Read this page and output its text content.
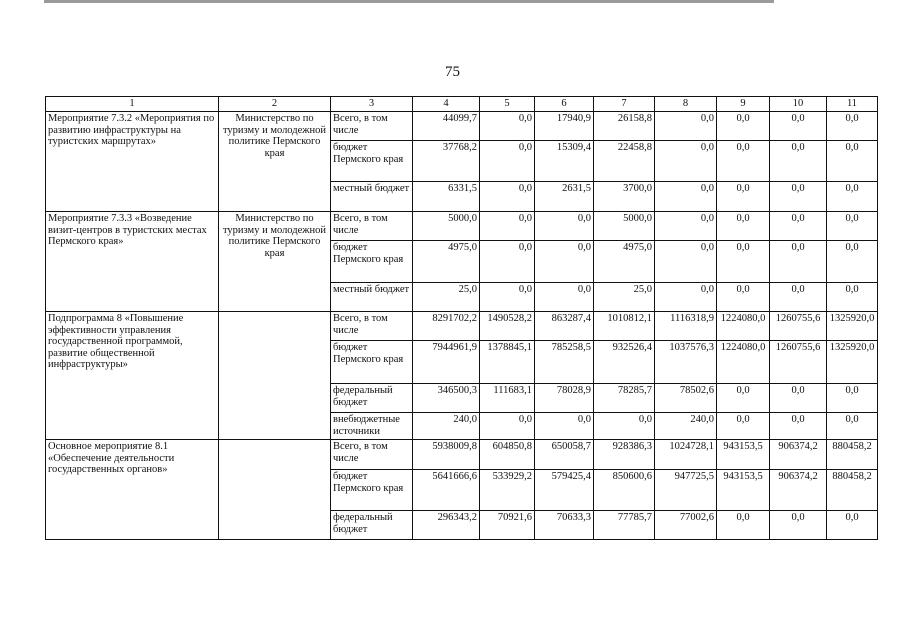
75
1	2	3	4	5	6	7	8	9	10	11
Мероприятие 7.3.2 «Мероприятия по развитию инфраструктуры на туристских маршрутах»	Министерство по туризму и молодежной политике Пермского края	Всего, в том числе	44099,7	0,0	17940,9	26158,8	0,0	0,0	0,0	0,0
		бюджет Пермского края	37768,2	0,0	15309,4	22458,8	0,0	0,0	0,0	0,0
		местный бюджет	6331,5	0,0	2631,5	3700,0	0,0	0,0	0,0	0,0
Мероприятие 7.3.3 «Возведение визит-центров в туристских местах Пермского края»	Министерство по туризму и молодежной политике Пермского края	Всего, в том числе	5000,0	0,0	0,0	5000,0	0,0	0,0	0,0	0,0
		бюджет Пермского края	4975,0	0,0	0,0	4975,0	0,0	0,0	0,0	0,0
		местный бюджет	25,0	0,0	0,0	25,0	0,0	0,0	0,0	0,0
Подпрограмма 8 «Повышение эффективности управления государственной программой, развитие общественной инфраструктуры»		Всего, в том числе	8291702,2	1490528,2	863287,4	1010812,1	1116318,9	1224080,0	1260755,6	1325920,0
		бюджет Пермского края	7944961,9	1378845,1	785258,5	932526,4	1037576,3	1224080,0	1260755,6	1325920,0
		федеральный бюджет	346500,3	111683,1	78028,9	78285,7	78502,6	0,0	0,0	0,0
		внебюджетные источники	240,0	0,0	0,0	0,0	240,0	0,0	0,0	0,0
Основное мероприятие 8.1 «Обеспечение деятельности государственных органов»		Всего, в том числе	5938009,8	604850,8	650058,7	928386,3	1024728,1	943153,5	906374,2	880458,2
		бюджет Пермского края	5641666,6	533929,2	579425,4	850600,6	947725,5	943153,5	906374,2	880458,2
		федеральный бюджет	296343,2	70921,6	70633,3	77785,7	77002,6	0,0	0,0	0,0
